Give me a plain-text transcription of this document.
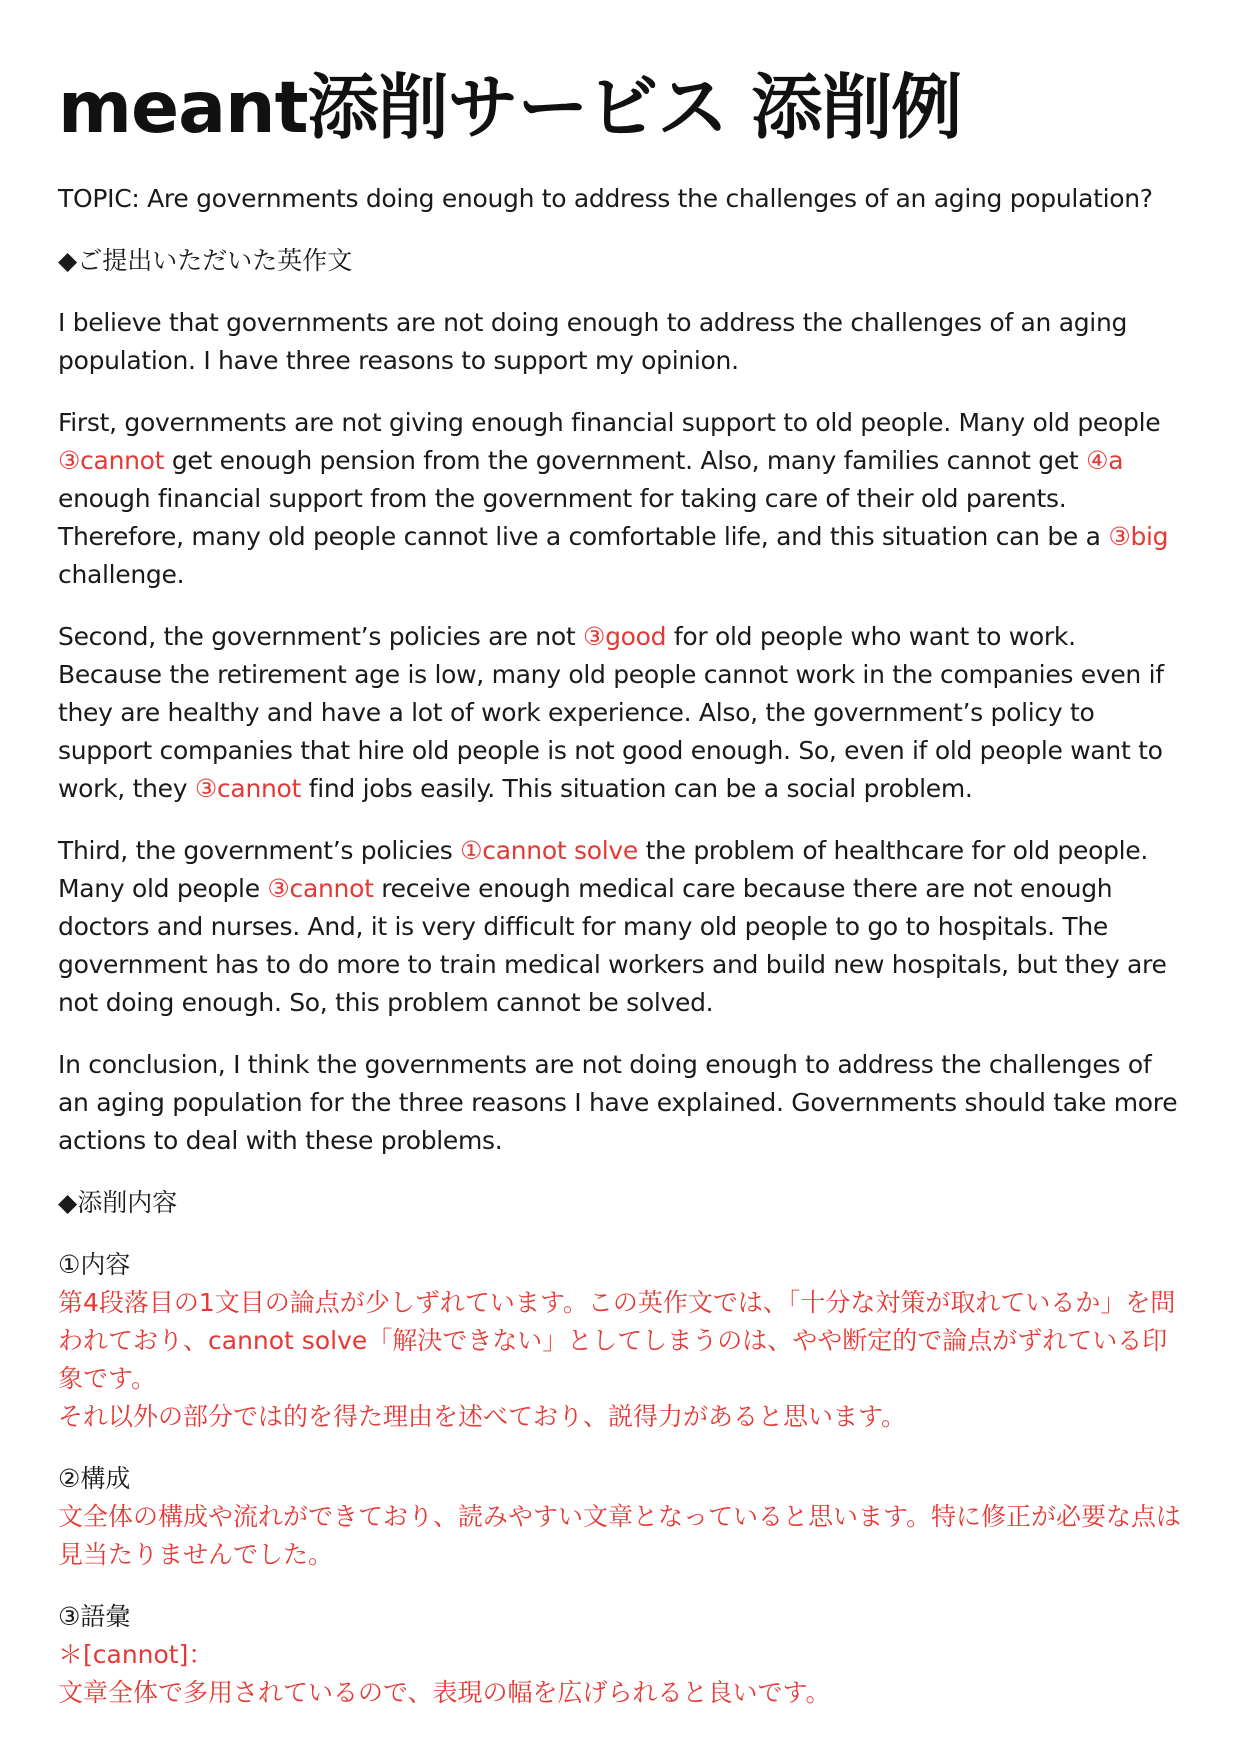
meant添削サービス 添削例

TOPIC: Are governments doing enough to address the challenges of an aging population?

◆ご提出いただいた英作文

I believe that governments are not doing enough to address the challenges of an aging population. I have three reasons to support my opinion.

First, governments are not giving enough financial support to old people. Many old people ③cannot get enough pension from the government. Also, many families cannot get ④a enough financial support from the government for taking care of their old parents. Therefore, many old people cannot live a comfortable life, and this situation can be a ③big challenge.

Second, the government’s policies are not ③good for old people who want to work. Because the retirement age is low, many old people cannot work in the companies even if they are healthy and have a lot of work experience. Also, the government’s policy to support companies that hire old people is not good enough. So, even if old people want to work, they ③cannot find jobs easily. This situation can be a social problem.

Third, the government’s policies ①cannot solve the problem of healthcare for old people. Many old people ③cannot receive enough medical care because there are not enough doctors and nurses. And, it is very difficult for many old people to go to hospitals. The government has to do more to train medical workers and build new hospitals, but they are not doing enough. So, this problem cannot be solved.

In conclusion, I think the governments are not doing enough to address the challenges of an aging population for the three reasons I have explained. Governments should take more actions to deal with these problems.

◆添削内容

①内容

第4段落目の1文目の論点が少しずれています。この英作文では、「十分な対策が取れているか」を問われており、cannot solve「解決できない」としてしまうのは、やや断定的で論点がずれている印象です。

それ以外の部分では的を得た理由を述べており、説得力があると思います。

②構成

文全体の構成や流れができており、読みやすい文章となっていると思います。特に修正が必要な点は見当たりませんでした。

③語彙

＊[cannot]：

文章全体で多用されているので、表現の幅を広げられると良いです。
